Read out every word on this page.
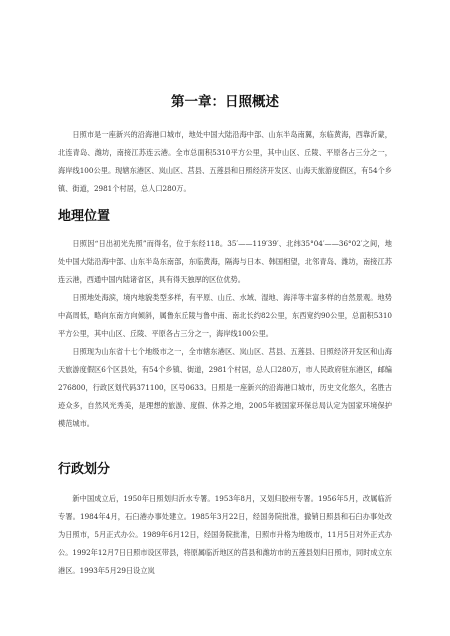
第一章：日照概述

日照市是一座新兴的沿海港口城市，地处中国大陆沿海中部、山东半岛南翼，东临黄海，西靠沂蒙，北连青岛、潍坊，南接江苏连云港。全市总面积5310平方公里，其中山区、丘陵、平原各占三分之一，海岸线100公里。现辖东港区、岚山区、莒县、五莲县和日照经济开发区、山海天旅游度假区，有54个乡镇、街道，2981个村居，总人口280万。

地理位置

日照因“日出初光先照”而得名，位于东经118。35′——119′39′、北纬35°04′——36°02′之间，地处中国大陆沿海中部、山东半岛东南部，东临黄海，隔海与日本、韩国相望，北邻青岛、潍坊，南接江苏连云港，西通中国内陆诸省区，具有得天独厚的区位优势。

日照地处海滨，境内地貌类型多样，有平原、山丘、水域、湿地、海洋等丰富多样的自然景观。地势中高周低，略向东南方向倾斜，属鲁东丘陵与鲁中南、南北长约82公里，东西宽约90公里，总面积5310平方公里，其中山区、丘陵、平原各占三分之一，海岸线100公里。

日照现为山东省十七个地级市之一，全市辖东港区、岚山区、莒县、五莲县、日照经济开发区和山海天旅游度假区6个区县处，有54个乡镇、街道，2981个村居，总人口280万，市人民政府驻东港区，邮编276800，行政区划代码371100，区号0633。日照是一座新兴的沿海港口城市，历史文化悠久，名胜古迹众多，自然风光秀美，是理想的旅游、度假、休养之地，2005年被国家环保总局认定为国家环境保护模范城市。

行政划分

新中国成立后，1950年日照划归沂水专署。1953年8月，又划归胶州专署。1956年5月，改属临沂专署。1984年4月，石臼港办事处建立。1985年3月22日，经国务院批准，撤销日照县和石臼办事处改为日照市，5月正式办公。1989年6月12日，经国务院批准，日照市升格为地级市，11月5日对外正式办公。1992年12月7日日照市设区带县，将原属临沂地区的莒县和潍坊市的五莲县划归日照市，同时成立东港区。1993年5月29日设立岚
